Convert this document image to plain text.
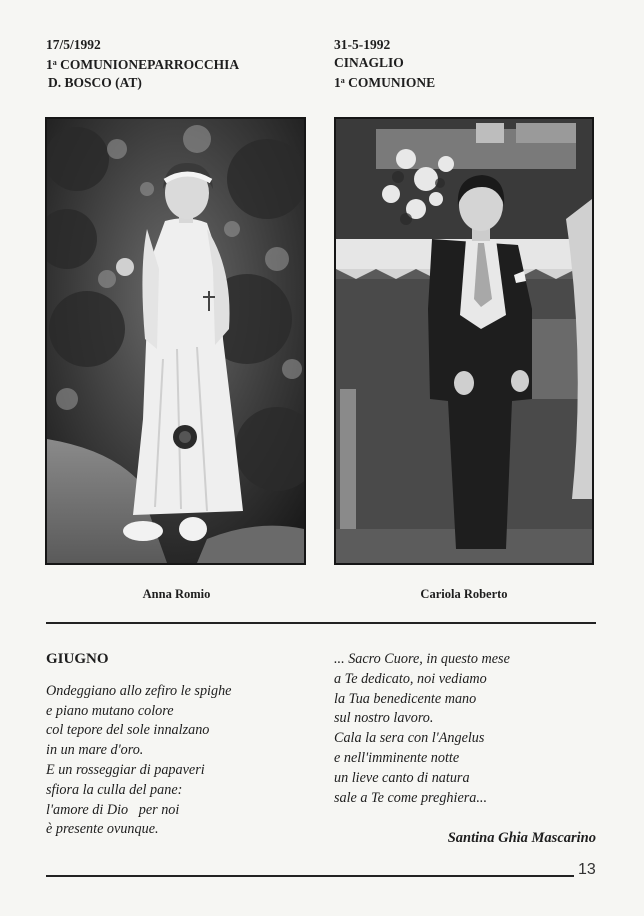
17/5/1992
1$^a$ COMUNIONEPARROCCHIA
D. BOSCO (AT)
31-5-1992
CINAGLIO
1$^a$ COMUNIONE
Anna Romio	Cariola Roberto
GIUGNO
Ondeggiano allo zefiro le spighe
e piano mutano colore
col tepore del sole innalzano
in un mare d'oro.
E un rosseggiar di papaveri
sfiora la culla del pane:
l'amore di Dio   per noi
è presente ovunque.
... Sacro Cuore, in questo mese
a Te dedicato, noi vediamo
la Tua benedicente mano
sul nostro lavoro.
Cala la sera con l'Angelus
e nell'imminente notte
un lieve canto di natura
sale a Te come preghiera...
Santina Ghia Mascarino
13
